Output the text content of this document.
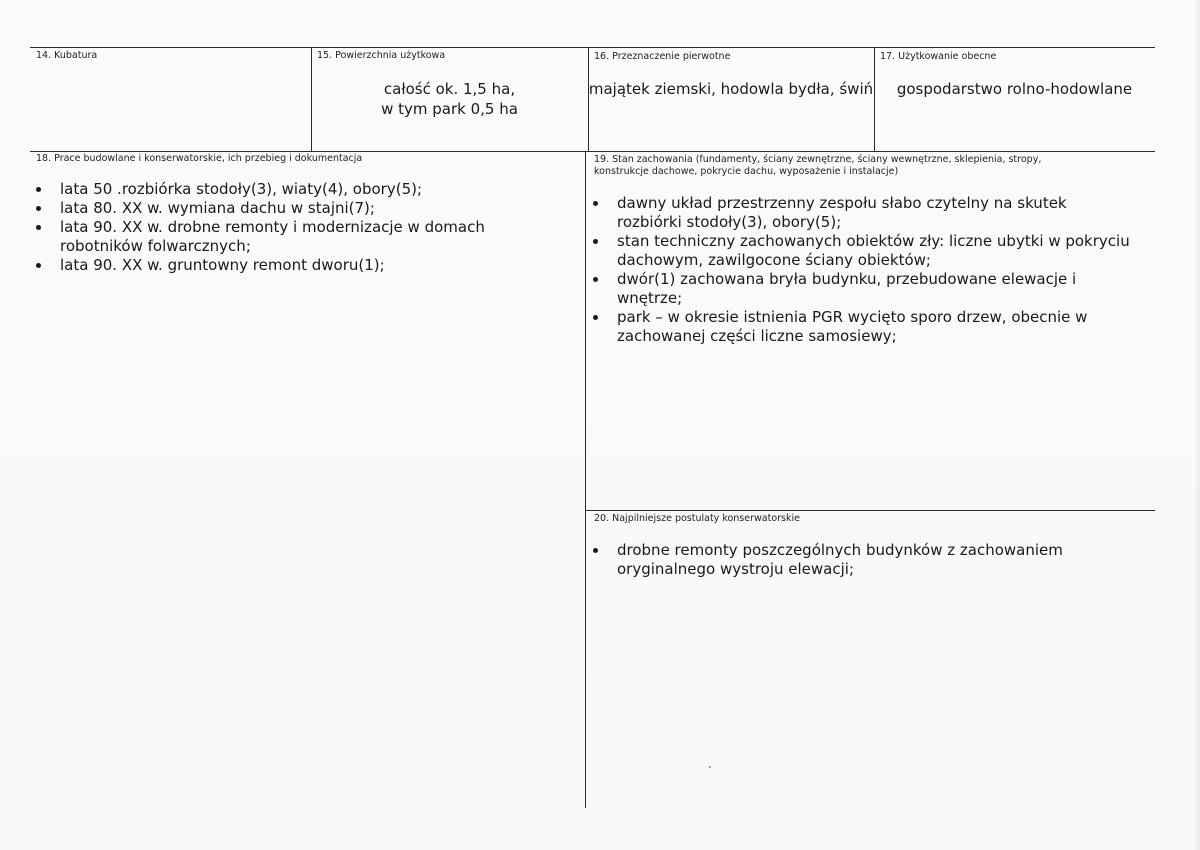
14. Kubatura	15. Powierzchnia użytkowa
całość ok. 1,5 ha,
w tym park 0,5 ha
16. Przeznaczenie pierwotne
majątek ziemski, hodowla bydła, świń
17. Użytkowanie obecne
gospodarstwo rolno-hodowlane
18. Prace budowlane i konserwatorskie, ich przebieg i dokumentacja
lata 50 .rozbiórka stodoły(3), wiaty(4), obory(5);
lata 80. XX w. wymiana dachu w stajni(7);
lata 90. XX w. drobne remonty i modernizacje w domach robotników folwarcznych;
lata 90. XX w. gruntowny remont dworu(1);
19. Stan zachowania (fundamenty, ściany zewnętrzne, ściany wewnętrzne, sklepienia, stropy,
konstrukcje dachowe, pokrycie dachu, wyposażenie i instalacje)
dawny układ przestrzenny zespołu słabo czytelny na skutek rozbiórki stodoły(3), obory(5);
stan techniczny zachowanych obiektów zły: liczne ubytki w pokryciu dachowym, zawilgocone ściany obiektów;
dwór(1) zachowana bryła budynku, przebudowane elewacje i wnętrze;
park – w okresie istnienia PGR wycięto sporo drzew, obecnie w zachowanej części liczne samosiewy;
20. Najpilniejsze postulaty konserwatorskie
drobne remonty poszczególnych budynków z zachowaniem oryginalnego wystroju elewacji;
